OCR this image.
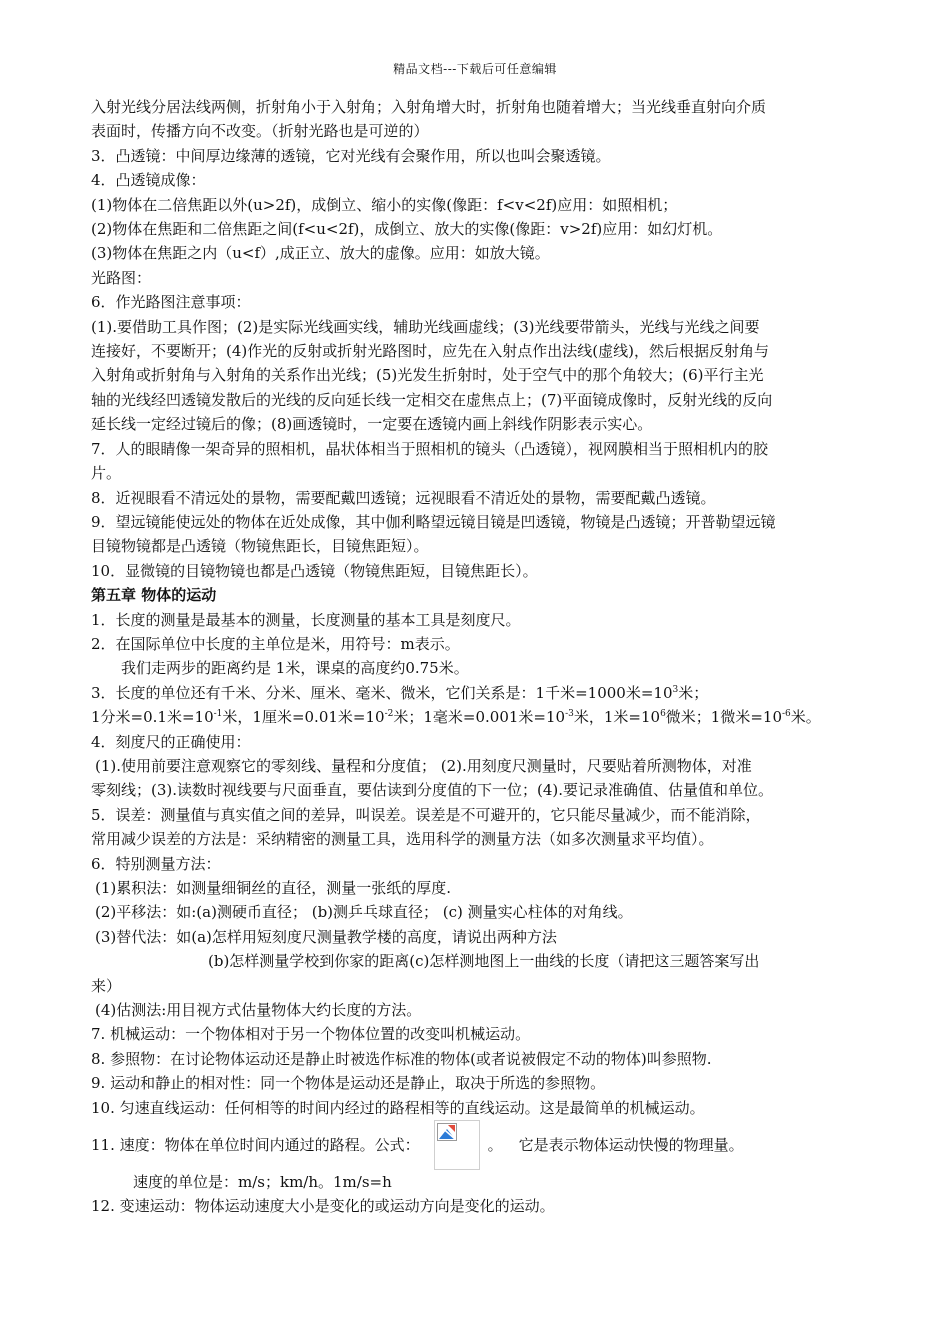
精品文档---下载后可任意编辑
入射光线分居法线两侧，折射角小于入射角；入射角增大时，折射角也随着增大；当光线垂直射向介质
表面时，传播方向不改变。（折射光路也是可逆的）
3．凸透镜：中间厚边缘薄的透镜，它对光线有会聚作用，所以也叫会聚透镜。
4．凸透镜成像：
(1)物体在二倍焦距以外(u>2f)，成倒立、缩小的实像(像距：f<v<2f)应用：如照相机；
(2)物体在焦距和二倍焦距之间(f<u<2f)，成倒立、放大的实像(像距：v>2f)应用：如幻灯机。
(3)物体在焦距之内（u<f）,成正立、放大的虚像。应用：如放大镜。
光路图：
6．作光路图注意事项：
(1).要借助工具作图；(2)是实际光线画实线，辅助光线画虚线；(3)光线要带箭头，光线与光线之间要
连接好，不要断开；(4)作光的反射或折射光路图时，应先在入射点作出法线(虚线)，然后根据反射角与
入射角或折射角与入射角的关系作出光线；(5)光发生折射时，处于空气中的那个角较大；(6)平行主光
轴的光线经凹透镜发散后的光线的反向延长线一定相交在虚焦点上；(7)平面镜成像时，反射光线的反向
延长线一定经过镜后的像；(8)画透镜时，一定要在透镜内画上斜线作阴影表示实心。
7．人的眼睛像一架奇异的照相机，晶状体相当于照相机的镜头（凸透镜），视网膜相当于照相机内的胶
片。
8．近视眼看不清远处的景物，需要配戴凹透镜；远视眼看不清近处的景物，需要配戴凸透镜。
9．望远镜能使远处的物体在近处成像，其中伽利略望远镜目镜是凹透镜，物镜是凸透镜；开普勒望远镜
目镜物镜都是凸透镜（物镜焦距长，目镜焦距短）。
10．显微镜的目镜物镜也都是凸透镜（物镜焦距短，目镜焦距长）。
第五章 物体的运动
1．长度的测量是最基本的测量，长度测量的基本工具是刻度尺。
2．在国际单位中长度的主单位是米，用符号：m表示。
我们走两步的距离约是 1米，课桌的高度约0.75米。
3．长度的单位还有千米、分米、厘米、毫米、微米，它们关系是：1千米=1000米$=10^3$米；
1分米=0.1米$=10^{-1}$米，1厘米=0.01米$=10^{-2}$米；1毫米=0.001米$=10^{-3}$米，1米$=10^6$微米；1微米$=10^{-6}$米。
4．刻度尺的正确使用：
(1).使用前要注意观察它的零刻线、量程和分度值； (2).用刻度尺测量时，尺要贴着所测物体，对准
零刻线；(3).读数时视线要与尺面垂直，要估读到分度值的下一位；(4).要记录准确值、估量值和单位。
5．误差：测量值与真实值之间的差异，叫误差。误差是不可避开的，它只能尽量减少，而不能消除，
常用减少误差的方法是：采纳精密的测量工具，选用科学的测量方法（如多次测量求平均值）。
6．特别测量方法：
(1)累积法：如测量细铜丝的直径，测量一张纸的厚度.
(2)平移法：如:(a)测硬币直径； (b)测乒乓球直径； (c) 测量实心柱体的对角线。
(3)替代法：如(a)怎样用短刻度尺测量教学楼的高度，请说出两种方法
(b)怎样测量学校到你家的距离(c)怎样测地图上一曲线的长度（请把这三题答案写出
来）
(4)估测法:用目视方式估量物体大约长度的方法。
7. 机械运动：一个物体相对于另一个物体位置的改变叫机械运动。
8. 参照物：在讨论物体运动还是静止时被选作标准的物体(或者说被假定不动的物体)叫参照物.
9. 运动和静止的相对性：同一个物体是运动还是静止，取决于所选的参照物。
10. 匀速直线运动：任何相等的时间内经过的路程相等的直线运动。这是最简单的机械运动。
11. 速度：物体在单位时间内通过的路程。公式：	。 它是表示物体运动快慢的物理量。
速度的单位是：m/s；km/h。1m/s=h
12. 变速运动：物体运动速度大小是变化的或运动方向是变化的运动。
